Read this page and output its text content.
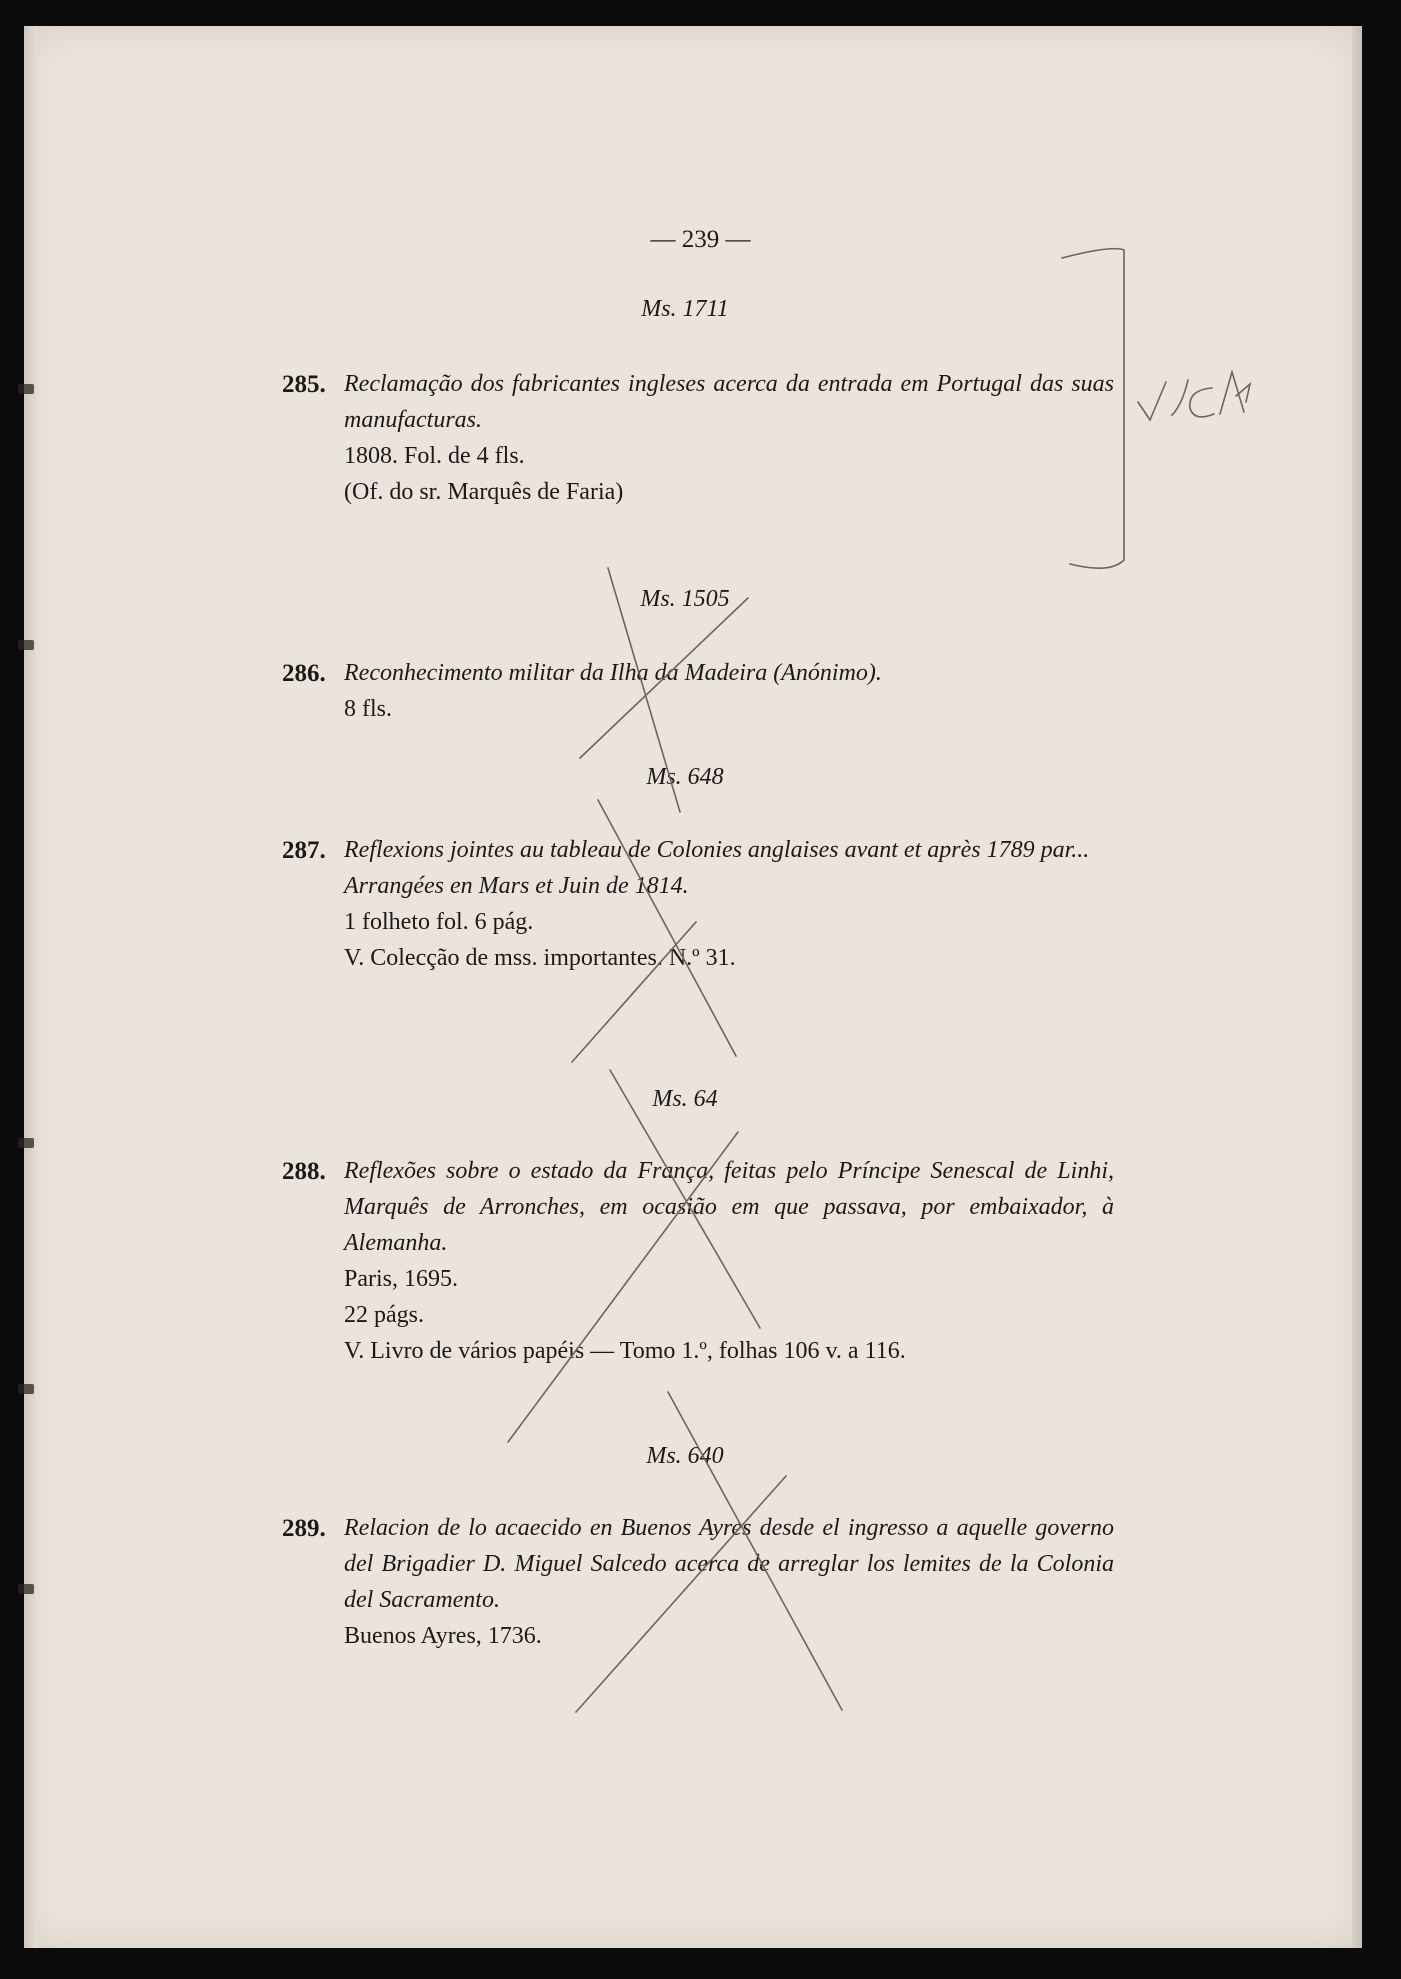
— 239 —
Ms. 1711
285. Reclamação dos fabricantes ingleses acerca da entrada em Portugal das suas manufacturas.
1808. Fol. de 4 fls.
(Of. do sr. Marquês de Faria)
Ms. 1505
286. Reconhecimento militar da Ilha da Madeira (Anónimo).
8 fls.
Ms. 648
287. Reflexions jointes au tableau de Colonies anglaises avant et après 1789 par...
Arrangées en Mars et Juin de 1814.
1 folheto fol. 6 pág.
V. Colecção de mss. importantes. N.º 31.
Ms. 64
288. Reflexões sobre o estado da França, feitas pelo Príncipe Senescal de Linhi, Marquês de Arronches, em ocasião em que passava, por embaixador, à Alemanha.
Paris, 1695.
22 págs.
V. Livro de vários papéis — Tomo 1.º, folhas 106 v. a 116.
Ms. 640
289. Relacion de lo acaecido en Buenos Ayres desde el ingresso a aquelle governo del Brigadier D. Miguel Salcedo acerca de arreglar los lemites de la Colonia del Sacramento.
Buenos Ayres, 1736.
